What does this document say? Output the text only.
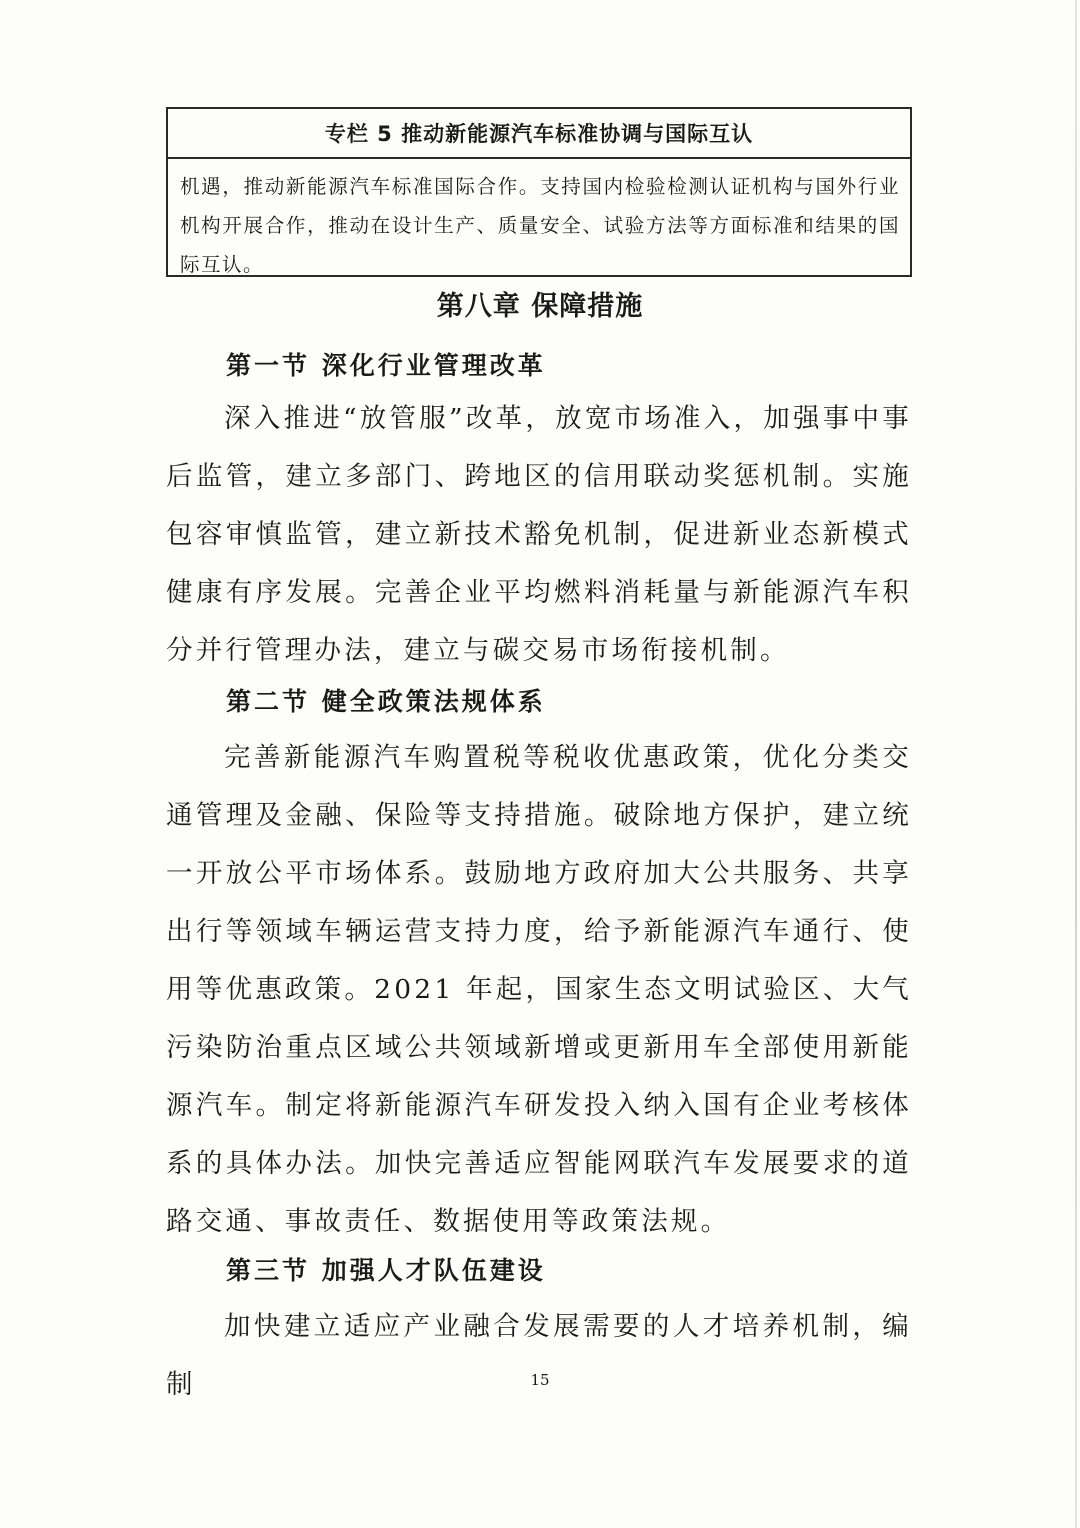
专栏 5 推动新能源汽车标准协调与国际互认
机遇，推动新能源汽车标准国际合作。支持国内检验检测认证机构与国外行业机构开展合作，推动在设计生产、质量安全、试验方法等方面标准和结果的国际互认。
第八章 保障措施
第一节 深化行业管理改革
深入推进“放管服”改革，放宽市场准入，加强事中事后监管，建立多部门、跨地区的信用联动奖惩机制。实施包容审慎监管，建立新技术豁免机制，促进新业态新模式健康有序发展。完善企业平均燃料消耗量与新能源汽车积分并行管理办法，建立与碳交易市场衔接机制。
第二节 健全政策法规体系
完善新能源汽车购置税等税收优惠政策，优化分类交通管理及金融、保险等支持措施。破除地方保护，建立统一开放公平市场体系。鼓励地方政府加大公共服务、共享出行等领域车辆运营支持力度，给予新能源汽车通行、使用等优惠政策。2021 年起，国家生态文明试验区、大气污染防治重点区域公共领域新增或更新用车全部使用新能源汽车。制定将新能源汽车研发投入纳入国有企业考核体系的具体办法。加快完善适应智能网联汽车发展要求的道路交通、事故责任、数据使用等政策法规。
第三节 加强人才队伍建设
加快建立适应产业融合发展需要的人才培养机制，编制	15
